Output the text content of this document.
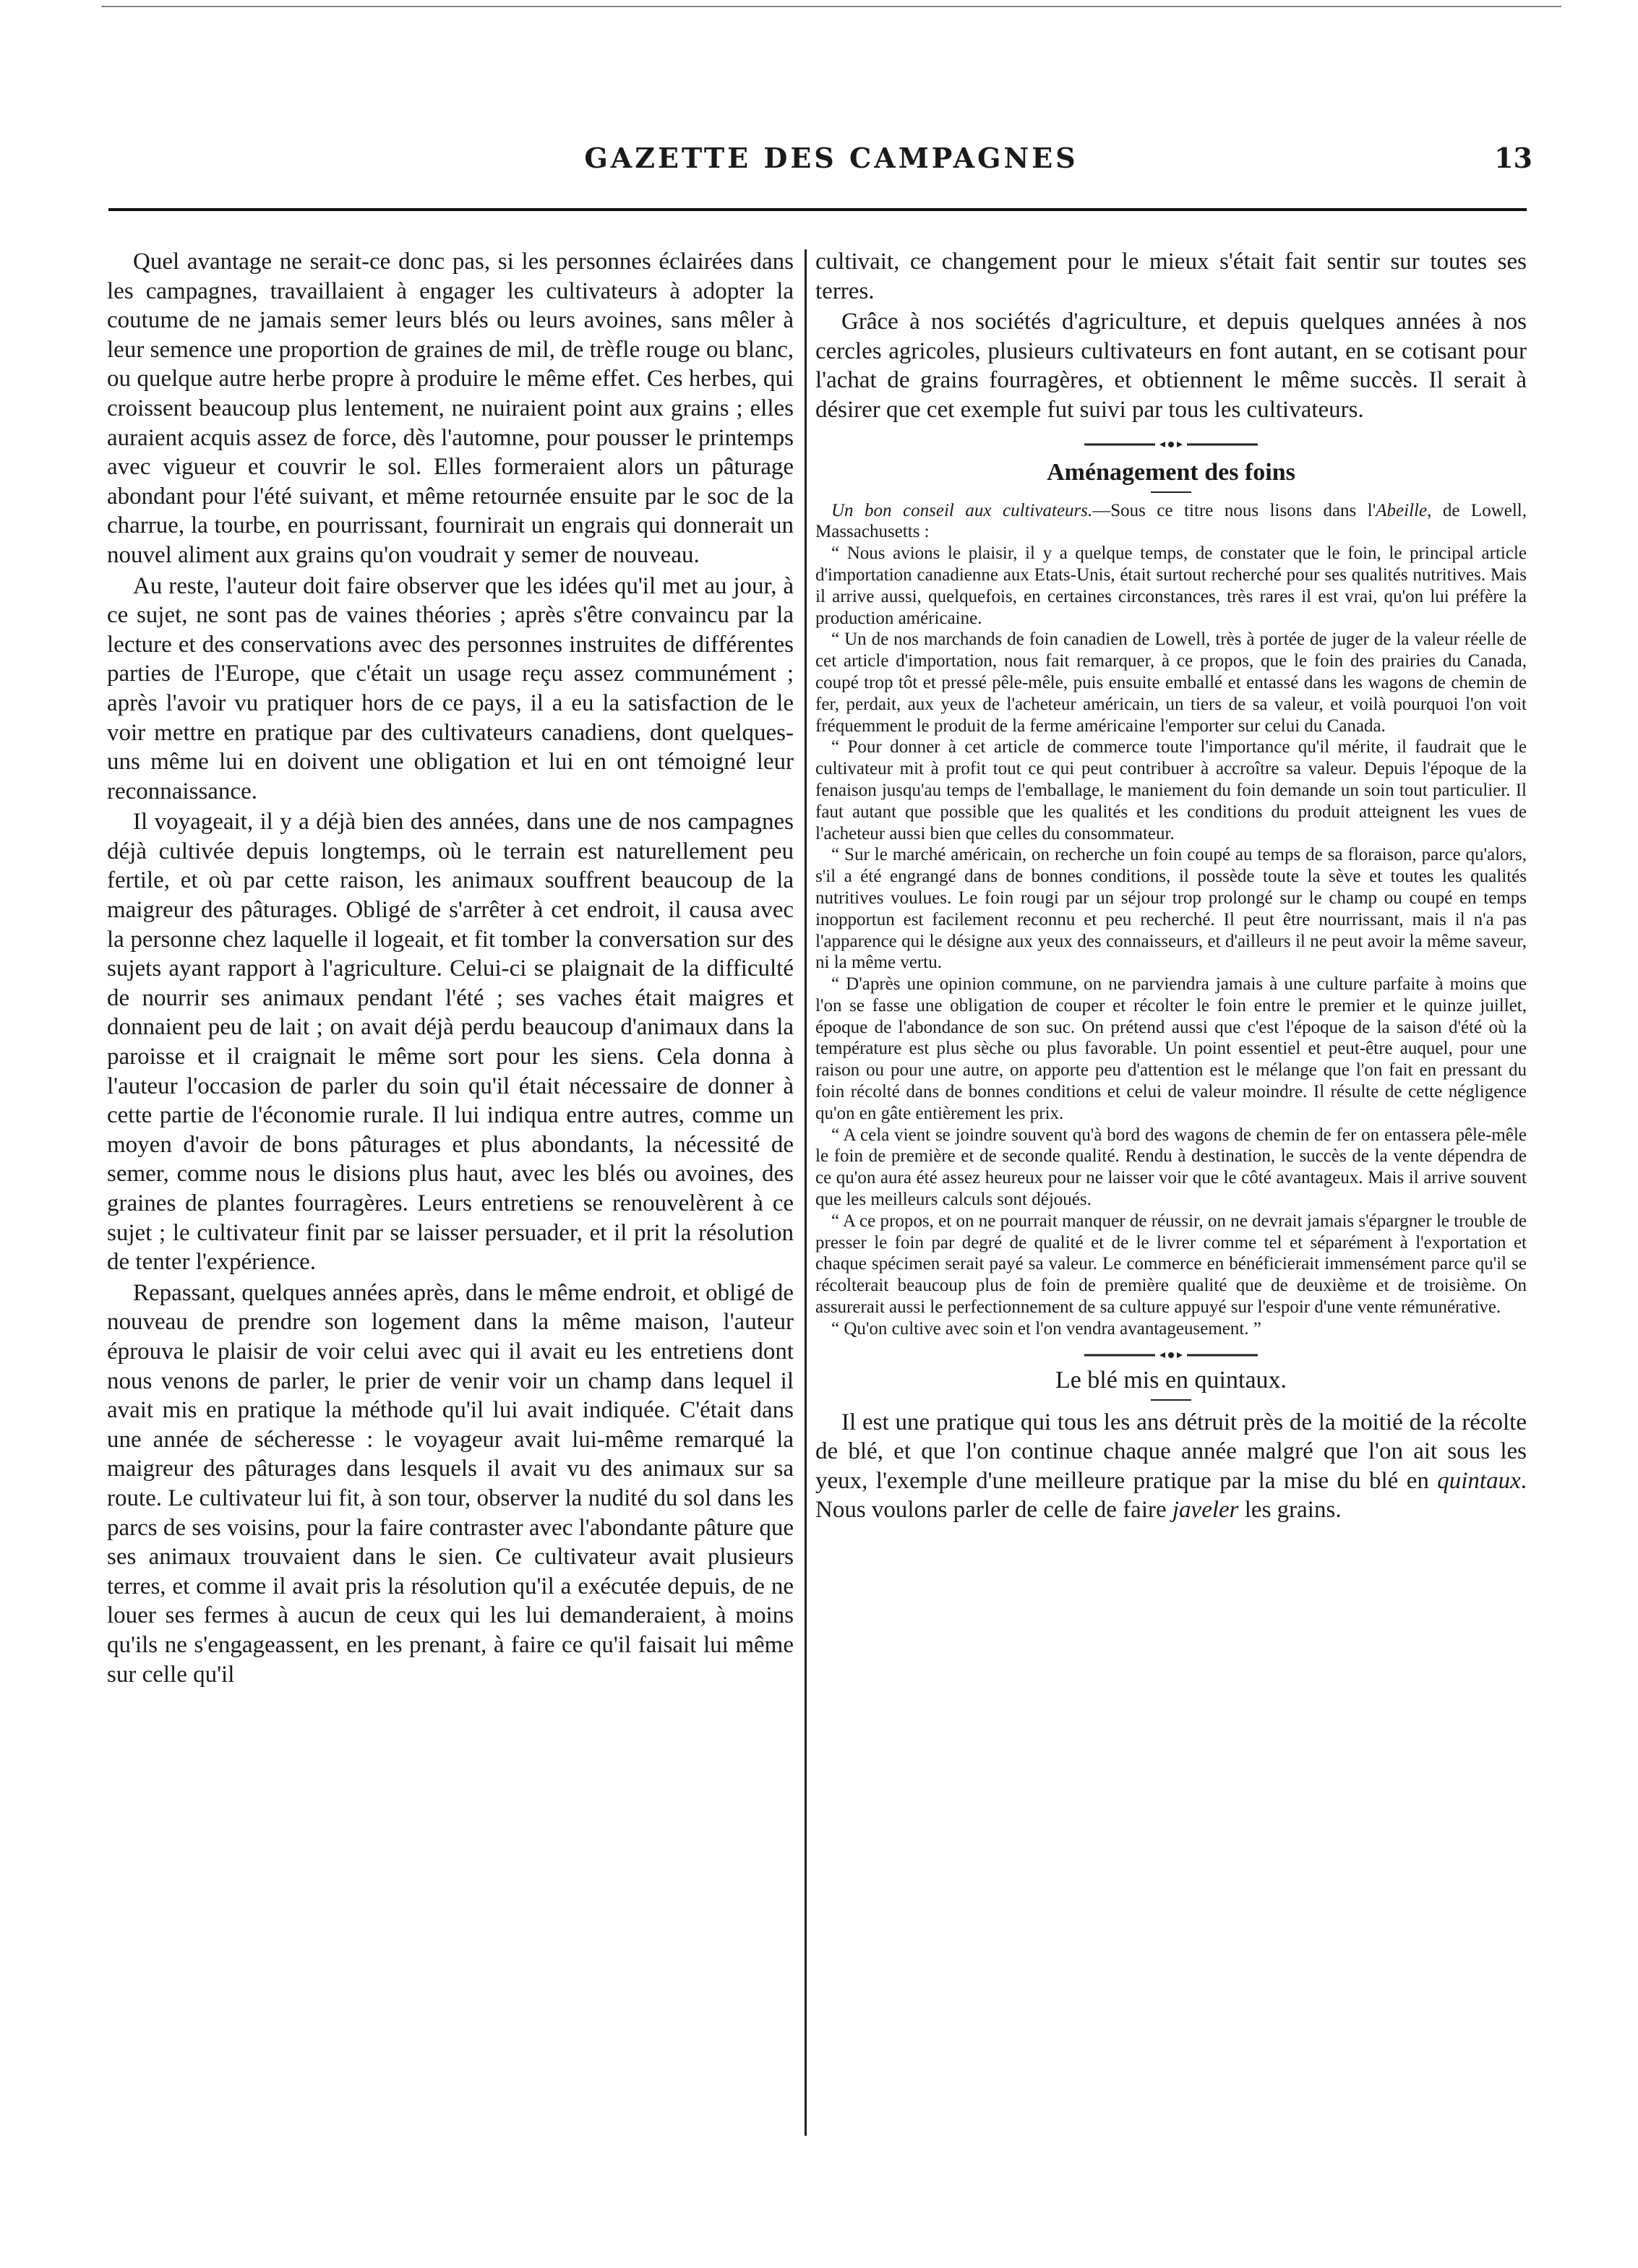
GAZETTE DES CAMPAGNES	13

Quel avantage ne serait-ce donc pas, si les personnes éclairées dans les campagnes, travaillaient à engager les cultivateurs à adopter la coutume de ne jamais semer leurs blés ou leurs avoines, sans mêler à leur semence une proportion de graines de mil, de trèfle rouge ou blanc, ou quelque autre herbe propre à produire le même effet. Ces herbes, qui croissent beaucoup plus lentement, ne nuiraient point aux grains ; elles auraient acquis assez de force, dès l'automne, pour pousser le printemps avec vigueur et couvrir le sol. Elles formeraient alors un pâturage abondant pour l'été suivant, et même retournée ensuite par le soc de la charrue, la tourbe, en pourrissant, fournirait un engrais qui donnerait un nouvel aliment aux grains qu'on voudrait y semer de nouveau.

Au reste, l'auteur doit faire observer que les idées qu'il met au jour, à ce sujet, ne sont pas de vaines théories ; après s'être convaincu par la lecture et des conservations avec des personnes instruites de différentes parties de l'Europe, que c'était un usage reçu assez communément ; après l'avoir vu pratiquer hors de ce pays, il a eu la satisfaction de le voir mettre en pratique par des cultivateurs canadiens, dont quelques-uns même lui en doivent une obligation et lui en ont témoigné leur reconnaissance.

Il voyageait, il y a déjà bien des années, dans une de nos campagnes déjà cultivée depuis longtemps, où le terrain est naturellement peu fertile, et où par cette raison, les animaux souffrent beaucoup de la maigreur des pâturages. Obligé de s'arrêter à cet endroit, il causa avec la personne chez laquelle il logeait, et fit tomber la conversation sur des sujets ayant rapport à l'agriculture. Celui-ci se plaignait de la difficulté de nourrir ses animaux pendant l'été ; ses vaches était maigres et donnaient peu de lait ; on avait déjà perdu beaucoup d'animaux dans la paroisse et il craignait le même sort pour les siens. Cela donna à l'auteur l'occasion de parler du soin qu'il était nécessaire de donner à cette partie de l'économie rurale. Il lui indiqua entre autres, comme un moyen d'avoir de bons pâturages et plus abondants, la nécessité de semer, comme nous le disions plus haut, avec les blés ou avoines, des graines de plantes fourragères. Leurs entretiens se renouvelèrent à ce sujet ; le cultivateur finit par se laisser persuader, et il prit la résolution de tenter l'expérience.

Repassant, quelques années après, dans le même endroit, et obligé de nouveau de prendre son logement dans la même maison, l'auteur éprouva le plaisir de voir celui avec qui il avait eu les entretiens dont nous venons de parler, le prier de venir voir un champ dans lequel il avait mis en pratique la méthode qu'il lui avait indiquée. C'était dans une année de sécheresse : le voyageur avait lui-même remarqué la maigreur des pâturages dans lesquels il avait vu des animaux sur sa route. Le cultivateur lui fit, à son tour, observer la nudité du sol dans les parcs de ses voisins, pour la faire contraster avec l'abondante pâture que ses animaux trouvaient dans le sien. Ce cultivateur avait plusieurs terres, et comme il avait pris la résolution qu'il a exécutée depuis, de ne louer ses fermes à aucun de ceux qui les lui demanderaient, à moins qu'ils ne s'engageassent, en les prenant, à faire ce qu'il faisait lui même sur celle qu'il

cultivait, ce changement pour le mieux s'était fait sentir sur toutes ses terres.

Grâce à nos sociétés d'agriculture, et depuis quelques années à nos cercles agricoles, plusieurs cultivateurs en font autant, en se cotisant pour l'achat de grains fourragères, et obtiennent le même succès. Il serait à désirer que cet exemple fut suivi par tous les cultivateurs.

Aménagement des foins

Un bon conseil aux cultivateurs.—Sous ce titre nous lisons dans l'Abeille, de Lowell, Massachusetts :

“ Nous avions le plaisir, il y a quelque temps, de constater que le foin, le principal article d'importation canadienne aux Etats-Unis, était surtout recherché pour ses qualités nutritives. Mais il arrive aussi, quelquefois, en certaines circonstances, très rares il est vrai, qu'on lui préfère la production américaine.

“ Un de nos marchands de foin canadien de Lowell, très à portée de juger de la valeur réelle de cet article d'importation, nous fait remarquer, à ce propos, que le foin des prairies du Canada, coupé trop tôt et pressé pêle-mêle, puis ensuite emballé et entassé dans les wagons de chemin de fer, perdait, aux yeux de l'acheteur américain, un tiers de sa valeur, et voilà pourquoi l'on voit fréquemment le produit de la ferme américaine l'emporter sur celui du Canada.

“ Pour donner à cet article de commerce toute l'importance qu'il mérite, il faudrait que le cultivateur mit à profit tout ce qui peut contribuer à accroître sa valeur. Depuis l'époque de la fenaison jusqu'au temps de l'emballage, le maniement du foin demande un soin tout particulier. Il faut autant que possible que les qualités et les conditions du produit atteignent les vues de l'acheteur aussi bien que celles du consommateur.

“ Sur le marché américain, on recherche un foin coupé au temps de sa floraison, parce qu'alors, s'il a été engrangé dans de bonnes conditions, il possède toute la sève et toutes les qualités nutritives voulues. Le foin rougi par un séjour trop prolongé sur le champ ou coupé en temps inopportun est facilement reconnu et peu recherché. Il peut être nourrissant, mais il n'a pas l'apparence qui le désigne aux yeux des connaisseurs, et d'ailleurs il ne peut avoir la même saveur, ni la même vertu.

“ D'après une opinion commune, on ne parviendra jamais à une culture parfaite à moins que l'on se fasse une obligation de couper et récolter le foin entre le premier et le quinze juillet, époque de l'abondance de son suc. On prétend aussi que c'est l'époque de la saison d'été où la température est plus sèche ou plus favorable. Un point essentiel et peut-être auquel, pour une raison ou pour une autre, on apporte peu d'attention est le mélange que l'on fait en pressant du foin récolté dans de bonnes conditions et celui de valeur moindre. Il résulte de cette négligence qu'on en gâte entièrement les prix.

“ A cela vient se joindre souvent qu'à bord des wagons de chemin de fer on entassera pêle-mêle le foin de première et de seconde qualité. Rendu à destination, le succès de la vente dépendra de ce qu'on aura été assez heureux pour ne laisser voir que le côté avantageux. Mais il arrive souvent que les meilleurs calculs sont déjoués.

“ A ce propos, et on ne pourrait manquer de réussir, on ne devrait jamais s'épargner le trouble de presser le foin par degré de qualité et de le livrer comme tel et séparément à l'exportation et chaque spécimen serait payé sa valeur. Le commerce en bénéficierait immensément parce qu'il se récolterait beaucoup plus de foin de première qualité que de deuxième et de troisième. On assurerait aussi le perfectionnement de sa culture appuyé sur l'espoir d'une vente rémunérative.

“ Qu'on cultive avec soin et l'on vendra avantageusement. ”

Le blé mis en quintaux.

Il est une pratique qui tous les ans détruit près de la moitié de la récolte de blé, et que l'on continue chaque année malgré que l'on ait sous les yeux, l'exemple d'une meilleure pratique par la mise du blé en quintaux. Nous voulons parler de celle de faire javeler les grains.
